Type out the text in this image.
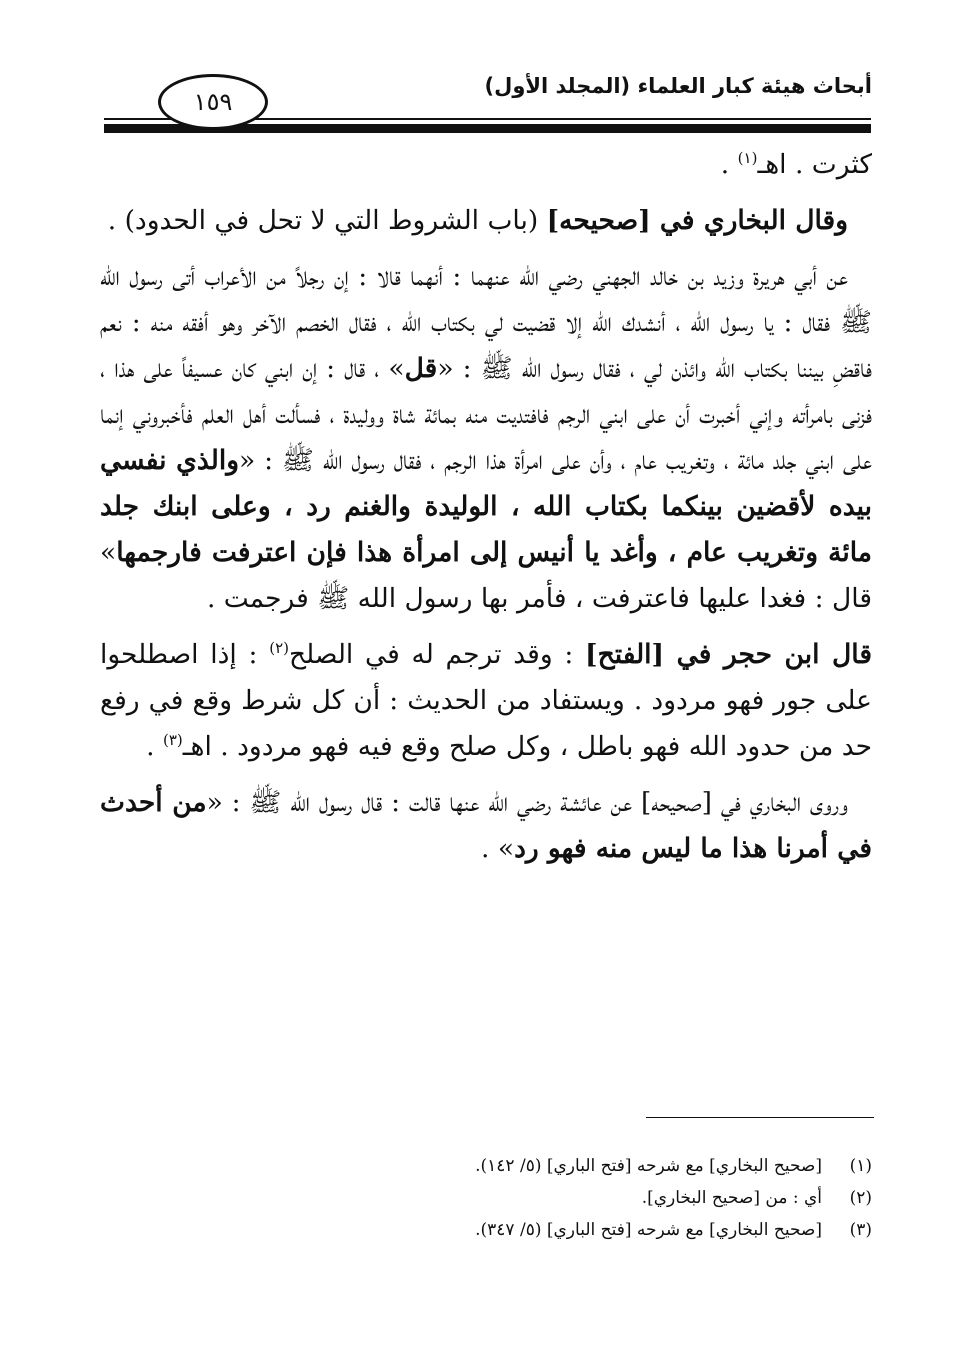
أبحاث هيئة كبار العلماء (المجلد الأول)
١٥٩

كثرت . اهـ$^{(١)}$ .

وقال البخاري في [صحيحه] (باب الشروط التي لا تحل في الحدود) .

عن أبي هريرة وزيد بن خالد الجهني رضي الله عنهما : أنهما قالا : إن رجلاً من الأعراب أتى رسول الله ﷺ فقال : يا رسول الله ، أنشدك الله إلا قضيت لي بكتاب الله ، فقال الخصم الآخر وهو أفقه منه : نعم فاقضِ بيننا بكتاب الله وائذن لي ، فقال رسول الله ﷺ : «قل» ، قال : إن ابني كان عسيفاً على هذا ، فزنى بامرأته وإني أخبرت أن على ابني الرجم فافتديت منه بمائة شاة ووليدة ، فسألت أهل العلم فأخبروني إنما على ابني جلد مائة ، وتغريب عام ، وأن على امرأة هذا الرجم ، فقال رسول الله ﷺ : «والذي نفسي بيده لأقضين بينكما بكتاب الله ، الوليدة والغنم رد ، وعلى ابنك جلد مائة وتغريب عام ، وأغد يا أنيس إلى امرأة هذا فإن اعترفت فارجمها» قال : فغدا عليها فاعترفت ، فأمر بها رسول الله ﷺ فرجمت .

قال ابن حجر في [الفتح] : وقد ترجم له في الصلح$^{(٢)}$ : إذا اصطلحوا على جور فهو مردود . ويستفاد من الحديث : أن كل شرط وقع في رفع حد من حدود الله فهو باطل ، وكل صلح وقع فيه فهو مردود . اهـ$^{(٣)}$ .

وروى البخاري في [صحيحه] عن عائشة رضي الله عنها قالت : قال رسول الله ﷺ : «من أحدث في أمرنا هذا ما ليس منه فهو رد» .

(١)
[صحيح البخاري] مع شرحه [فتح الباري] (٥/ ١٤٢).
(٢)
أي : من [صحيح البخاري].
(٣)
[صحيح البخاري] مع شرحه [فتح الباري] (٥/ ٣٤٧).
